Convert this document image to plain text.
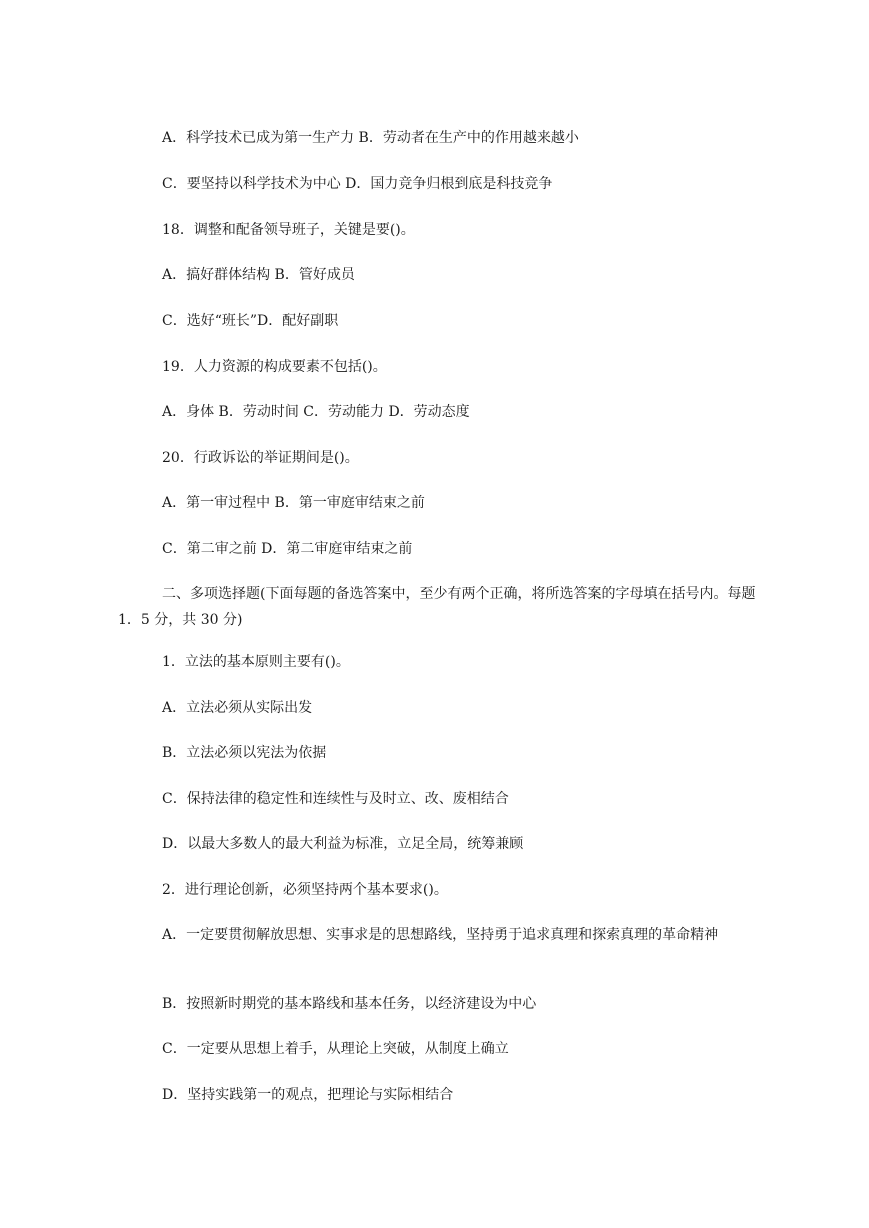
A．科学技术已成为第一生产力 B．劳动者在生产中的作用越来越小

C．要坚持以科学技术为中心 D．国力竞争归根到底是科技竞争

18．调整和配备领导班子，关键是要()。

A．搞好群体结构 B．管好成员

C．选好“班长”D．配好副职

19．人力资源的构成要素不包括()。

A．身体 B．劳动时间 C．劳动能力 D．劳动态度

20．行政诉讼的举证期间是()。

A．第一审过程中 B．第一审庭审结束之前

C．第二审之前 D．第二审庭审结束之前

二、多项选择题(下面每题的备选答案中，至少有两个正确，将所选答案的字母填在括号内。每题 1．5 分，共 30 分)

1．立法的基本原则主要有()。

A．立法必须从实际出发

B．立法必须以宪法为依据

C．保持法律的稳定性和连续性与及时立、改、废相结合

D．以最大多数人的最大利益为标准，立足全局，统筹兼顾

2．进行理论创新，必须坚持两个基本要求()。

A．一定要贯彻解放思想、实事求是的思想路线，坚持勇于追求真理和探索真理的革命精神

B．按照新时期党的基本路线和基本任务，以经济建设为中心

C．一定要从思想上着手，从理论上突破，从制度上确立

D．坚持实践第一的观点，把理论与实际相结合
